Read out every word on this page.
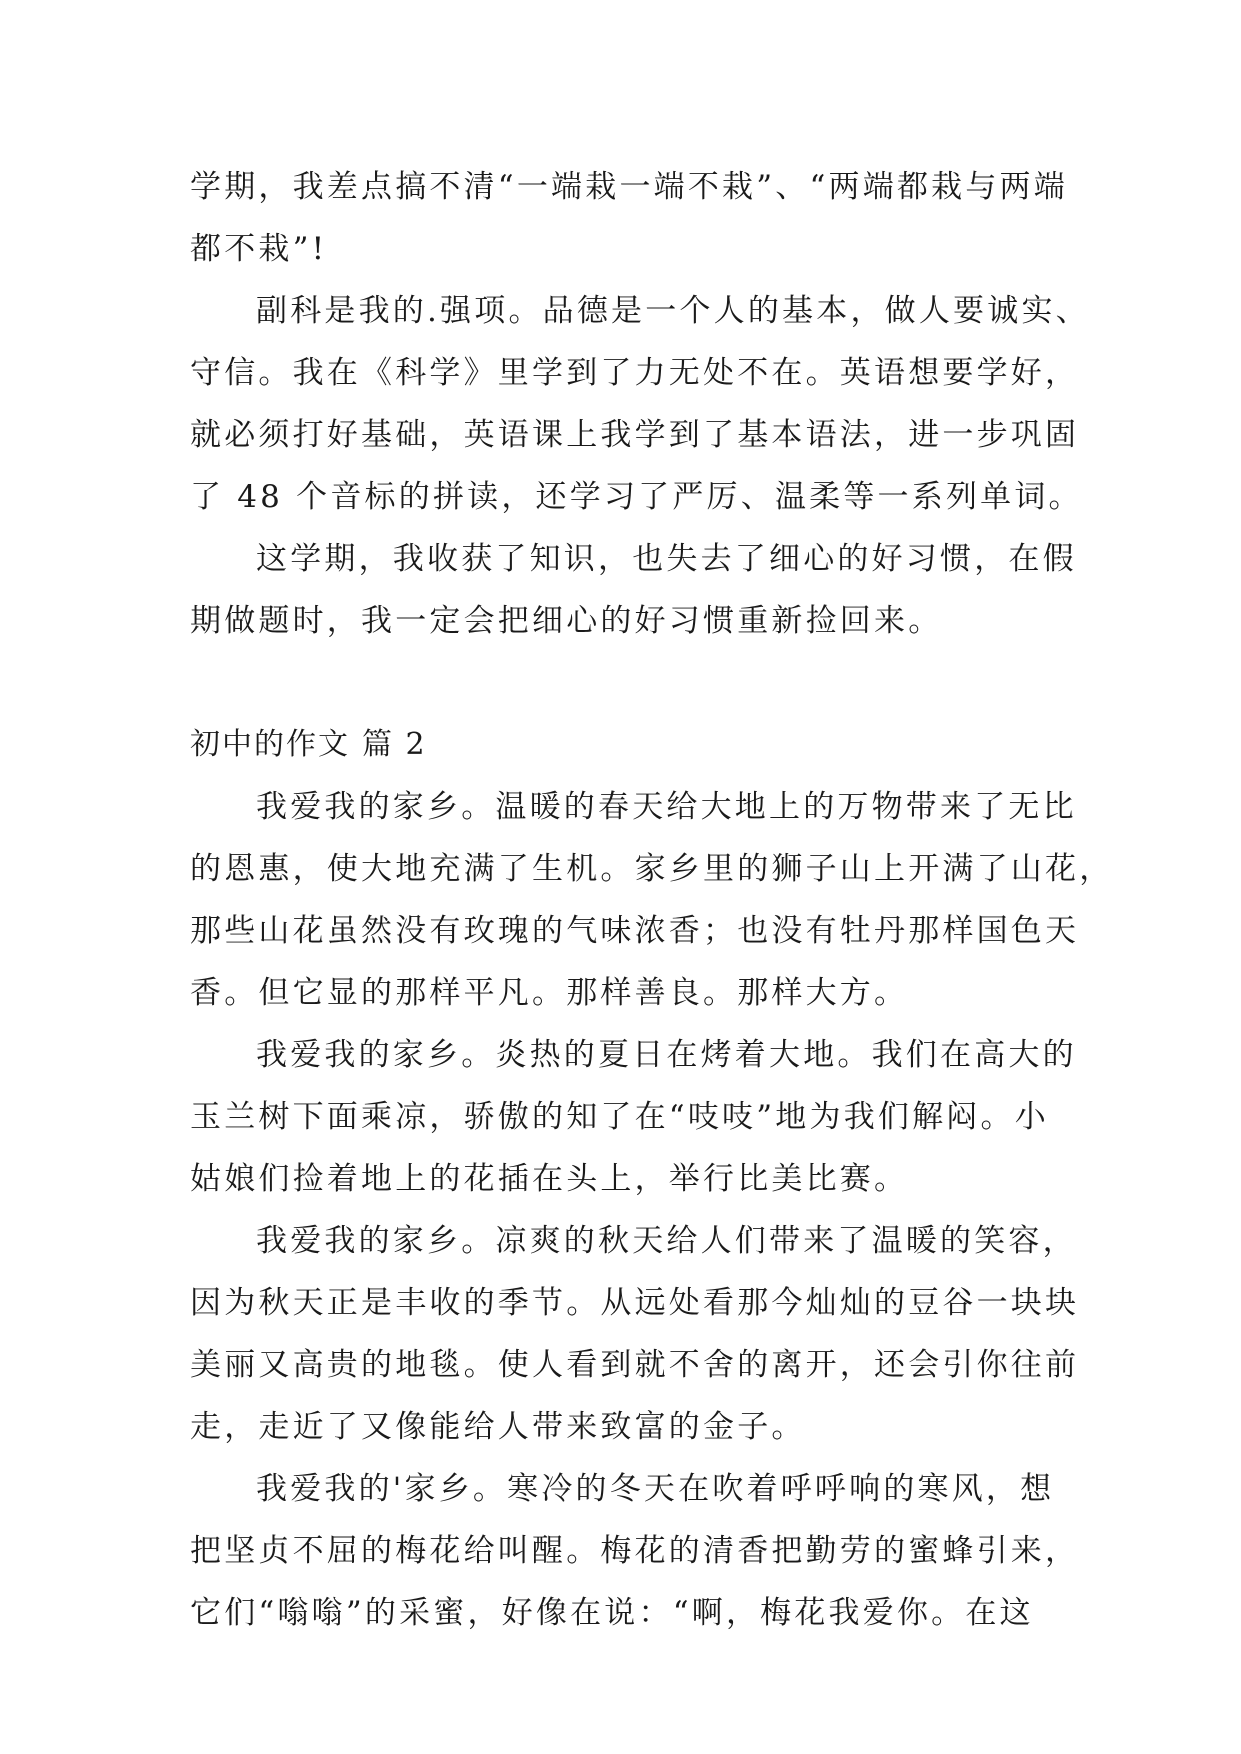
学期，我差点搞不清“一端栽一端不栽”、“两端都栽与两端
都不栽”!
副科是我的.强项。品德是一个人的基本，做人要诚实、
守信。我在《科学》里学到了力无处不在。英语想要学好，
就必须打好基础，英语课上我学到了基本语法，进一步巩固
了 48 个音标的拼读，还学习了严厉、温柔等一系列单词。
这学期，我收获了知识，也失去了细心的好习惯，在假
期做题时，我一定会把细心的好习惯重新捡回来。
初中的作文 篇 2
我爱我的家乡。温暖的春天给大地上的万物带来了无比
的恩惠，使大地充满了生机。家乡里的狮子山上开满了山花，
那些山花虽然没有玫瑰的气味浓香；也没有牡丹那样国色天
香。但它显的那样平凡。那样善良。那样大方。
我爱我的家乡。炎热的夏日在烤着大地。我们在高大的
玉兰树下面乘凉，骄傲的知了在“吱吱”地为我们解闷。小
姑娘们捡着地上的花插在头上，举行比美比赛。
我爱我的家乡。凉爽的秋天给人们带来了温暖的笑容，
因为秋天正是丰收的季节。从远处看那今灿灿的豆谷一块块
美丽又高贵的地毯。使人看到就不舍的离开，还会引你往前
走，走近了又像能给人带来致富的金子。
我爱我的'家乡。寒冷的冬天在吹着呼呼响的寒风，想
把坚贞不屈的梅花给叫醒。梅花的清香把勤劳的蜜蜂引来，
它们“嗡嗡”的采蜜，好像在说：“啊，梅花我爱你。在这
